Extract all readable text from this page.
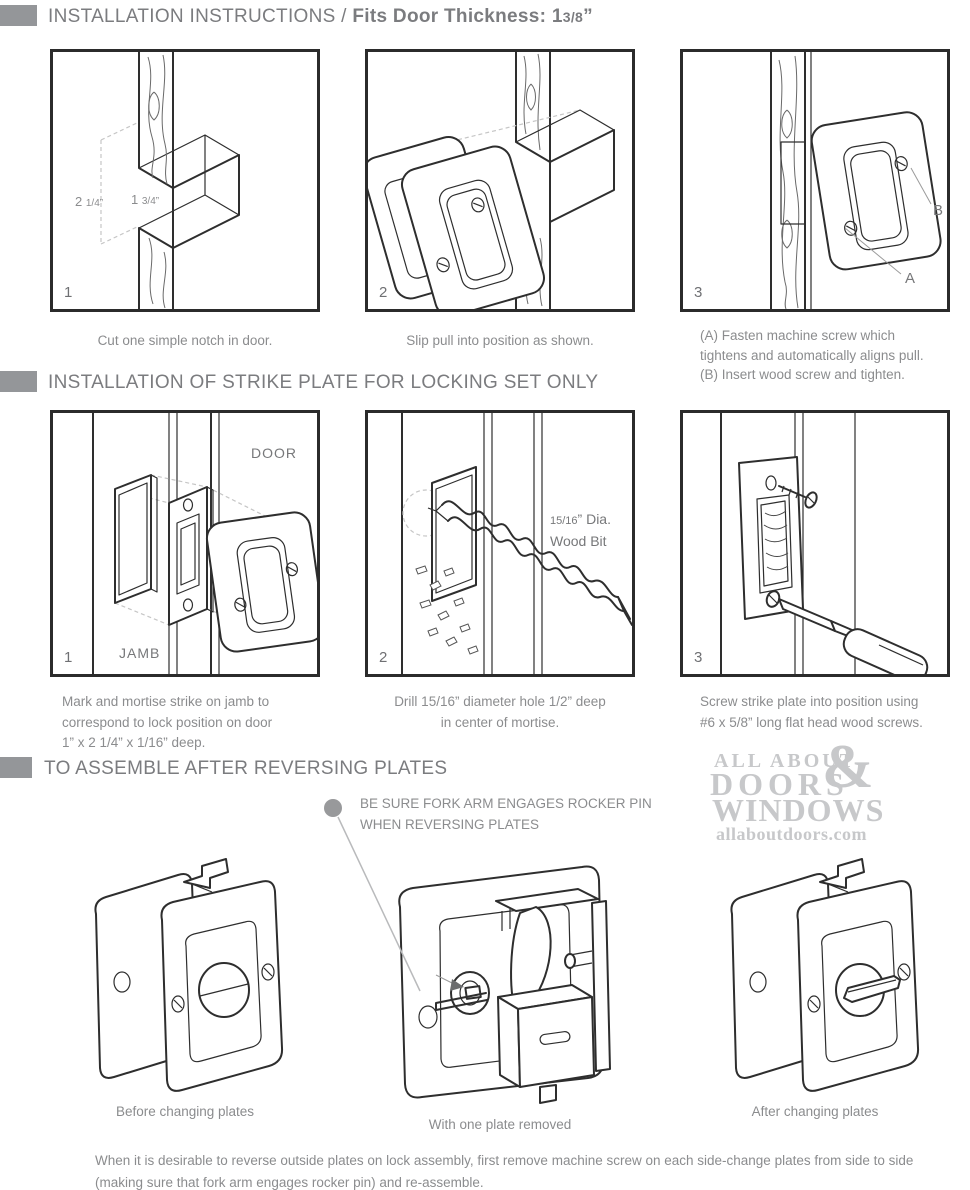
INSTALLATION INSTRUCTIONS / Fits Door Thickness: 13/8”
2 1/4” 1 3/4”
1	2
A
B
3
Cut one simple notch in door.	Slip pull into position as shown.	(A) Fasten machine screw which
tightens and automatically aligns pull.
(B) Insert wood screw and tighten.
INSTALLATION OF STRIKE PLATE FOR LOCKING SET ONLY
DOOR
JAMB
1
15/16” Dia.
Wood Bit
2	3
Mark and mortise strike on jamb to
correspond to lock position on door
1” x 2 1/4” x 1/16” deep.
Drill 15/16” diameter hole 1/2” deep
in center of mortise.
Screw strike plate into position using
#6 x 5/8” long flat head wood screws.
TO ASSEMBLE AFTER REVERSING PLATES	ALL ABOUT
&
DOORS
WINDOWS
allaboutdoors.com
BE SURE FORK ARM ENGAGES ROCKER PIN
WHEN REVERSING PLATES
Before changing plates
With one plate removed
After changing plates
When it is desirable to reverse outside plates on lock assembly, first remove machine screw on each side-change plates from side to side
(making sure that fork arm engages rocker pin) and re-assemble.
